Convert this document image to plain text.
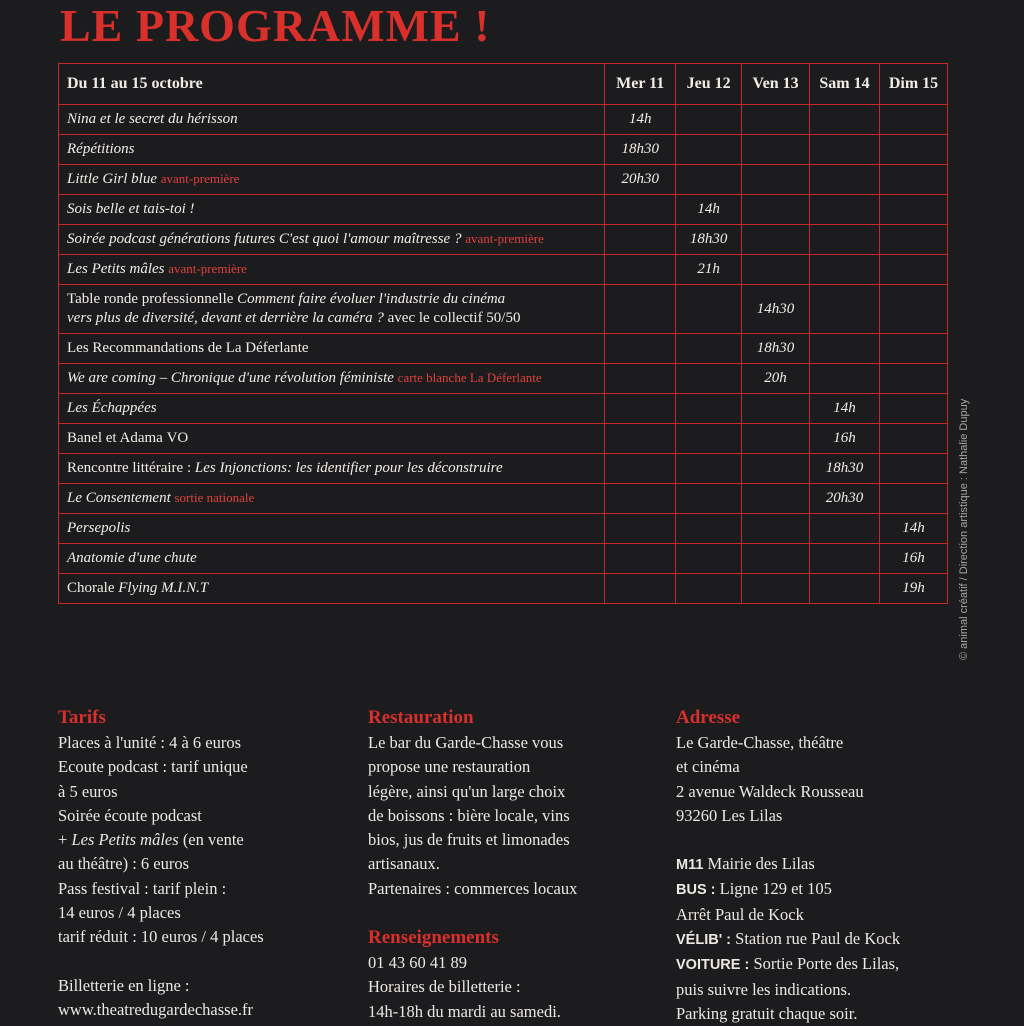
LE PROGRAMME !
Du 11 au 15 octobre	Mer 11	Jeu 12	Ven 13	Sam 14	Dim 15
Nina et le secret du hérisson	14h				
Répétitions	18h30				
Little Girl blue avant-première	20h30				
Sois belle et tais-toi !		14h			
Soirée podcast générations futures C'est quoi l'amour maîtresse ? avant-première		18h30			
Les Petits mâles avant-première		21h			
Table ronde professionnelle Comment faire évoluer l'industrie du cinéma
vers plus de diversité, devant et derrière la caméra ? avec le collectif 50/50			14h30		
Les Recommandations de La Déferlante			18h30		
We are coming – Chronique d'une révolution féministe carte blanche La Déferlante			20h		
Les Échappées				14h	
Banel et Adama VO				16h	
Rencontre littéraire : Les Injonctions: les identifier pour les déconstruire				18h30	
Le Consentement sortie nationale				20h30	
Persepolis					14h
Anatomie d'une chute					16h
Chorale Flying M.I.N.T					19h	© animal créatif / Direction artistique : Nathalie Dupuy
Tarifs

Places à l'unité : 4 à 6 euros

Ecoute podcast : tarif unique

à 5 euros

Soirée écoute podcast

+ Les Petits mâles (en vente

au théâtre) : 6 euros

Pass festival : tarif plein :

14 euros / 4 places

tarif réduit : 10 euros / 4 places

Billetterie en ligne :

www.theatredugardechasse.fr

Restauration

Le bar du Garde-Chasse vous

propose une restauration

légère, ainsi qu'un large choix

de boissons : bière locale, vins

bios, jus de fruits et limonades

artisanaux.

Partenaires : commerces locaux

Renseignements

01 43 60 41 89

Horaires de billetterie :

14h-18h du mardi au samedi.

Adresse

Le Garde-Chasse, théâtre

et cinéma

2 avenue Waldeck Rousseau

93260 Les Lilas

M11 Mairie des Lilas

BUS : Ligne 129 et 105

Arrêt Paul de Kock

VÉLIB' : Station rue Paul de Kock

VOITURE : Sortie Porte des Lilas,

puis suivre les indications.

Parking gratuit chaque soir.
